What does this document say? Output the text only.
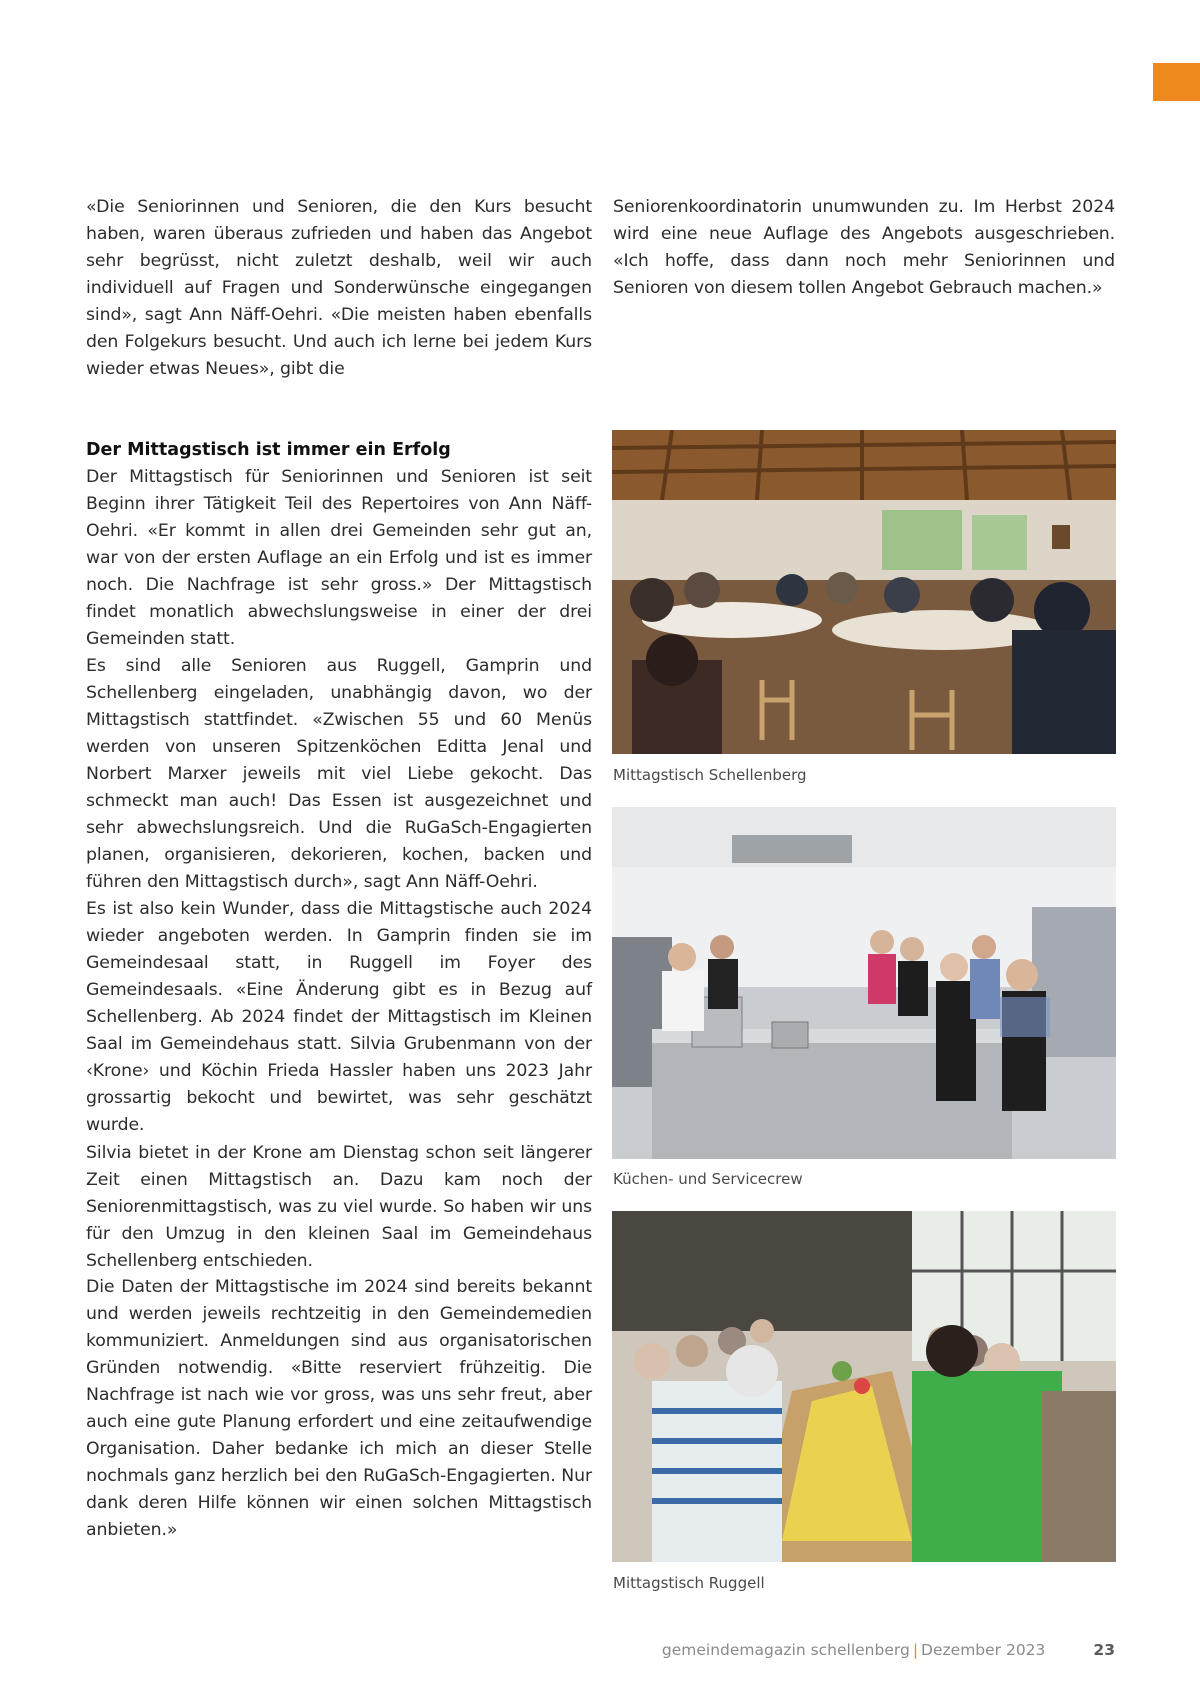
«Die Seniorinnen und Senioren, die den Kurs besucht haben, waren überaus zufrieden und haben das Angebot sehr begrüsst, nicht zuletzt deshalb, weil wir auch individuell auf Fragen und Sonderwünsche eingegangen sind», sagt Ann Näff-Oehri. «Die meisten haben ebenfalls den Folgekurs besucht. Und auch ich lerne bei jedem Kurs wieder etwas Neues», gibt die

Seniorenkoordinatorin unumwunden zu. Im Herbst 2024 wird eine neue Auflage des Angebots ausgeschrieben. «Ich hoffe, dass dann noch mehr Seniorinnen und Senioren von diesem tollen Angebot Gebrauch machen.»

Der Mittagstisch ist immer ein Erfolg

Der Mittagstisch für Seniorinnen und Senioren ist seit Beginn ihrer Tätigkeit Teil des Repertoires von Ann Näff-Oehri. «Er kommt in allen drei Gemeinden sehr gut an, war von der ersten Auflage an ein Erfolg und ist es immer noch. Die Nachfrage ist sehr gross.» Der Mittagstisch findet monatlich abwechslungsweise in einer der drei Gemeinden statt.

Es sind alle Senioren aus Ruggell, Gamprin und Schellenberg eingeladen, unabhängig davon, wo der Mittagstisch stattfindet. «Zwischen 55 und 60 Menüs werden von unseren Spitzenköchen Editta Jenal und Norbert Marxer jeweils mit viel Liebe gekocht. Das schmeckt man auch! Das Essen ist ausgezeichnet und sehr abwechslungsreich. Und die RuGaSch-Engagierten planen, organisieren, dekorieren, kochen, backen und führen den Mittagstisch durch», sagt Ann Näff-Oehri.

Es ist also kein Wunder, dass die Mittagstische auch 2024 wieder angeboten werden. In Gamprin finden sie im Gemeindesaal statt, in Ruggell im Foyer des Gemeindesaals. «Eine Änderung gibt es in Bezug auf Schellenberg. Ab 2024 findet der Mittagstisch im Kleinen Saal im Gemeindehaus statt. Silvia Grubenmann von der ‹Krone› und Köchin Frieda Hassler haben uns 2023 Jahr grossartig bekocht und bewirtet, was sehr geschätzt wurde.

Silvia bietet in der Krone am Dienstag schon seit längerer Zeit einen Mittagstisch an. Dazu kam noch der Seniorenmittagstisch, was zu viel wurde. So haben wir uns für den Umzug in den kleinen Saal im Gemeindehaus Schellenberg entschieden.

Die Daten der Mittagstische im 2024 sind bereits bekannt und werden jeweils rechtzeitig in den Gemeindemedien kommuniziert. Anmeldungen sind aus organisatorischen Gründen notwendig. «Bitte reserviert frühzeitig. Die Nachfrage ist nach wie vor gross, was uns sehr freut, aber auch eine gute Planung erfordert und eine zeitaufwendige Organisation. Daher bedanke ich mich an dieser Stelle nochmals ganz herzlich bei den RuGaSch-Engagierten. Nur dank deren Hilfe können wir einen solchen Mittagstisch anbieten.»

Mittagstisch Schellenberg

Küchen- und Servicecrew

Mittagstisch Ruggell

gemeindemagazin schellenberg | Dezember 2023	23
